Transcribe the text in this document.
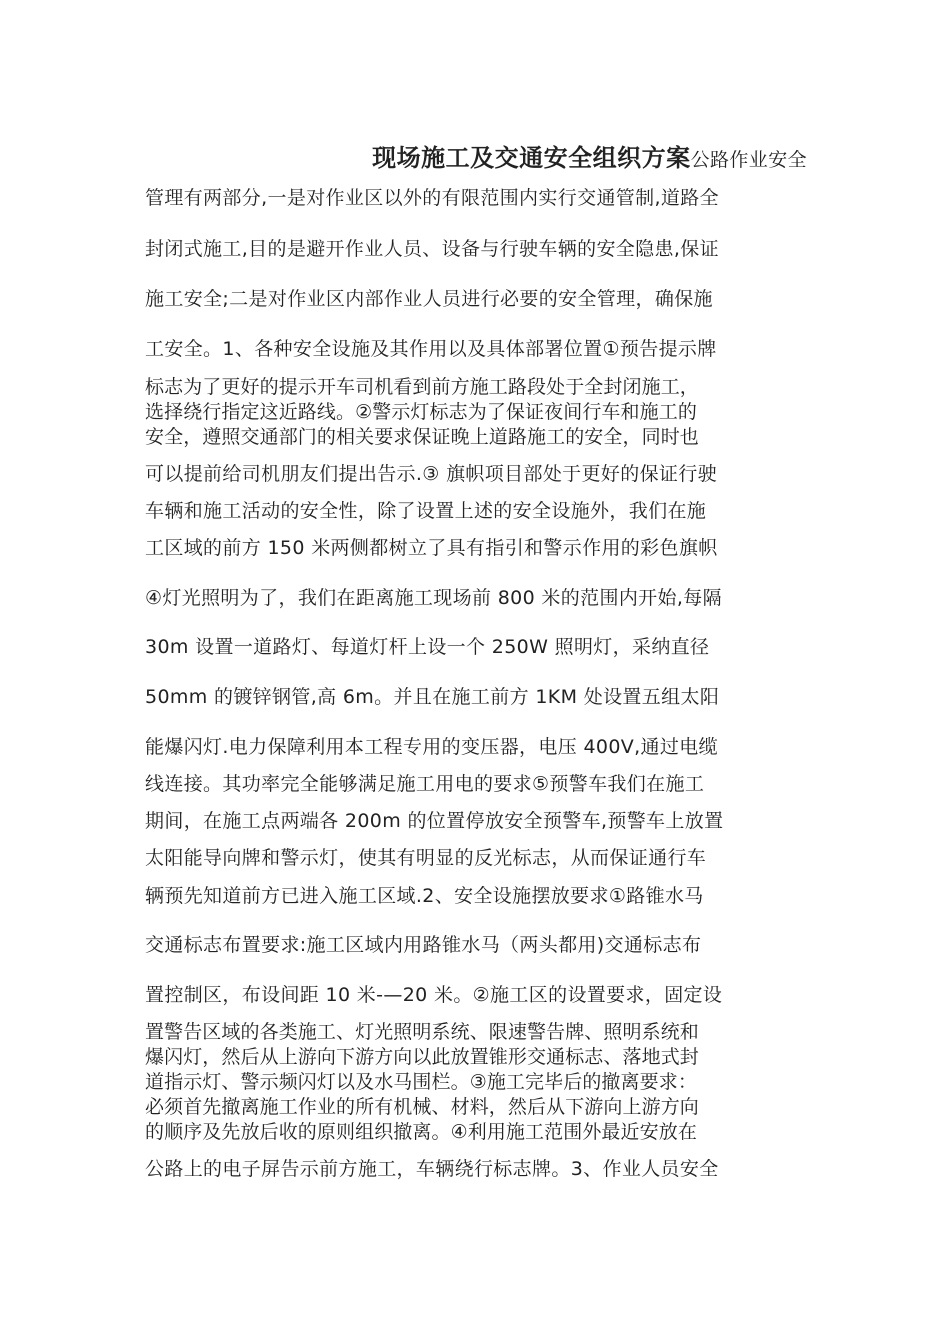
现场施工及交通安全组织方案公路作业安全
管理有两部分,一是对作业区以外的有限范围内实行交通管制,道路全
封闭式施工,目的是避开作业人员、设备与行驶车辆的安全隐患,保证
施工安全;二是对作业区内部作业人员进行必要的安全管理，确保施
工安全。1、各种安全设施及其作用以及具体部署位置①预告提示牌
标志为了更好的提示开车司机看到前方施工路段处于全封闭施工，
选择绕行指定这近路线。②警示灯标志为了保证夜间行车和施工的
安全，遵照交通部门的相关要求保证晚上道路施工的安全，同时也
可以提前给司机朋友们提出告示.③ 旗帜项目部处于更好的保证行驶
车辆和施工活动的安全性，除了设置上述的安全设施外，我们在施
工区域的前方 150 米两侧都树立了具有指引和警示作用的彩色旗帜
④灯光照明为了，我们在距离施工现场前 800 米的范围内开始,每隔
30m 设置一道路灯、每道灯杆上设一个 250W 照明灯，采纳直径
50mm 的镀锌钢管,高 6m。并且在施工前方 1KM 处设置五组太阳
能爆闪灯.电力保障利用本工程专用的变压器，电压 400V,通过电缆
线连接。其功率完全能够满足施工用电的要求⑤预警车我们在施工
期间，在施工点两端各 200m 的位置停放安全预警车,预警车上放置
太阳能导向牌和警示灯，使其有明显的反光标志，从而保证通行车
辆预先知道前方已进入施工区域.2、安全设施摆放要求①路锥水马
交通标志布置要求:施工区域内用路锥水马（两头都用)交通标志布
置控制区，布设间距 10 米-—20 米。②施工区的设置要求，固定设
置警告区域的各类施工、灯光照明系统、限速警告牌、照明系统和
爆闪灯，然后从上游向下游方向以此放置锥形交通标志、落地式封
道指示灯、警示频闪灯以及水马围栏。③施工完毕后的撤离要求：
必须首先撤离施工作业的所有机械、材料，然后从下游向上游方向
的顺序及先放后收的原则组织撤离。④利用施工范围外最近安放在
公路上的电子屏告示前方施工，车辆绕行标志牌。3、作业人员安全
